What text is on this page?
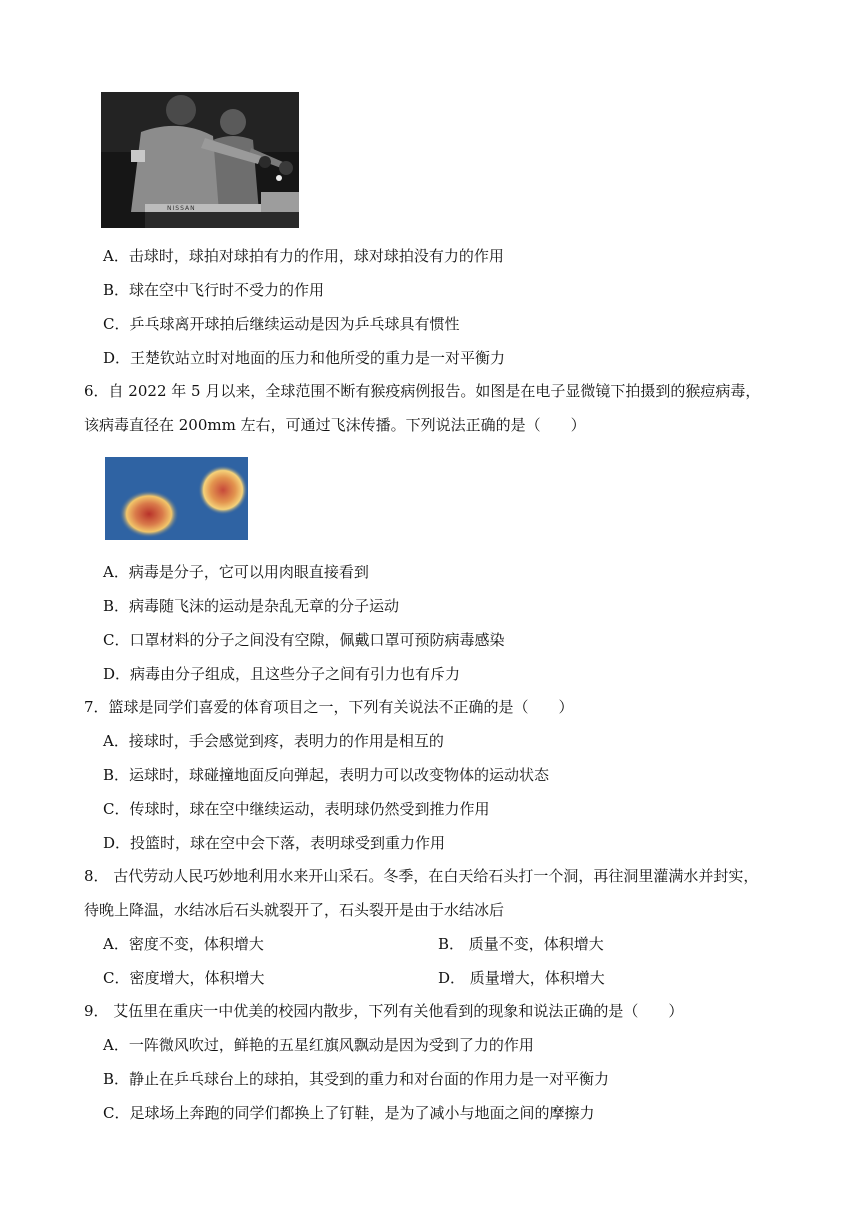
NISSAN
A．击球时，球拍对球拍有力的作用，球对球拍没有力的作用
B．球在空中飞行时不受力的作用
C．乒乓球离开球拍后继续运动是因为乒乓球具有惯性
D．王楚钦站立时对地面的压力和他所受的重力是一对平衡力
6．自 2022 年 5 月以来，全球范围不断有猴疫病例报告。如图是在电子显微镜下拍摄到的猴痘病毒，
该病毒直径在 200mm 左右，可通过飞沫传播。下列说法正确的是（　　）
A．病毒是分子，它可以用肉眼直接看到
B．病毒随飞沫的运动是杂乱无章的分子运动
C．口罩材料的分子之间没有空隙，佩戴口罩可预防病毒感染
D．病毒由分子组成，且这些分子之间有引力也有斥力
7．篮球是同学们喜爱的体育项目之一，下列有关说法不正确的是（　　）
A．接球时，手会感觉到疼，表明力的作用是相互的
B．运球时，球碰撞地面反向弹起，表明力可以改变物体的运动状态
C．传球时，球在空中继续运动，表明球仍然受到推力作用
D．投篮时，球在空中会下落，表明球受到重力作用
8． 古代劳动人民巧妙地利用水来开山采石。冬季，在白天给石头打一个洞，再往洞里灌满水并封实，
待晚上降温，水结冰后石头就裂开了，石头裂开是由于水结冰后
A．密度不变，体积增大	B． 质量不变，体积增大
C．密度增大，体积增大	D． 质量增大，体积增大
9． 艾伍里在重庆一中优美的校园内散步，下列有关他看到的现象和说法正确的是（　　）
A．一阵微风吹过，鲜艳的五星红旗风飘动是因为受到了力的作用
B．静止在乒乓球台上的球拍，其受到的重力和对台面的作用力是一对平衡力
C．足球场上奔跑的同学们都换上了钉鞋，是为了减小与地面之间的摩擦力
